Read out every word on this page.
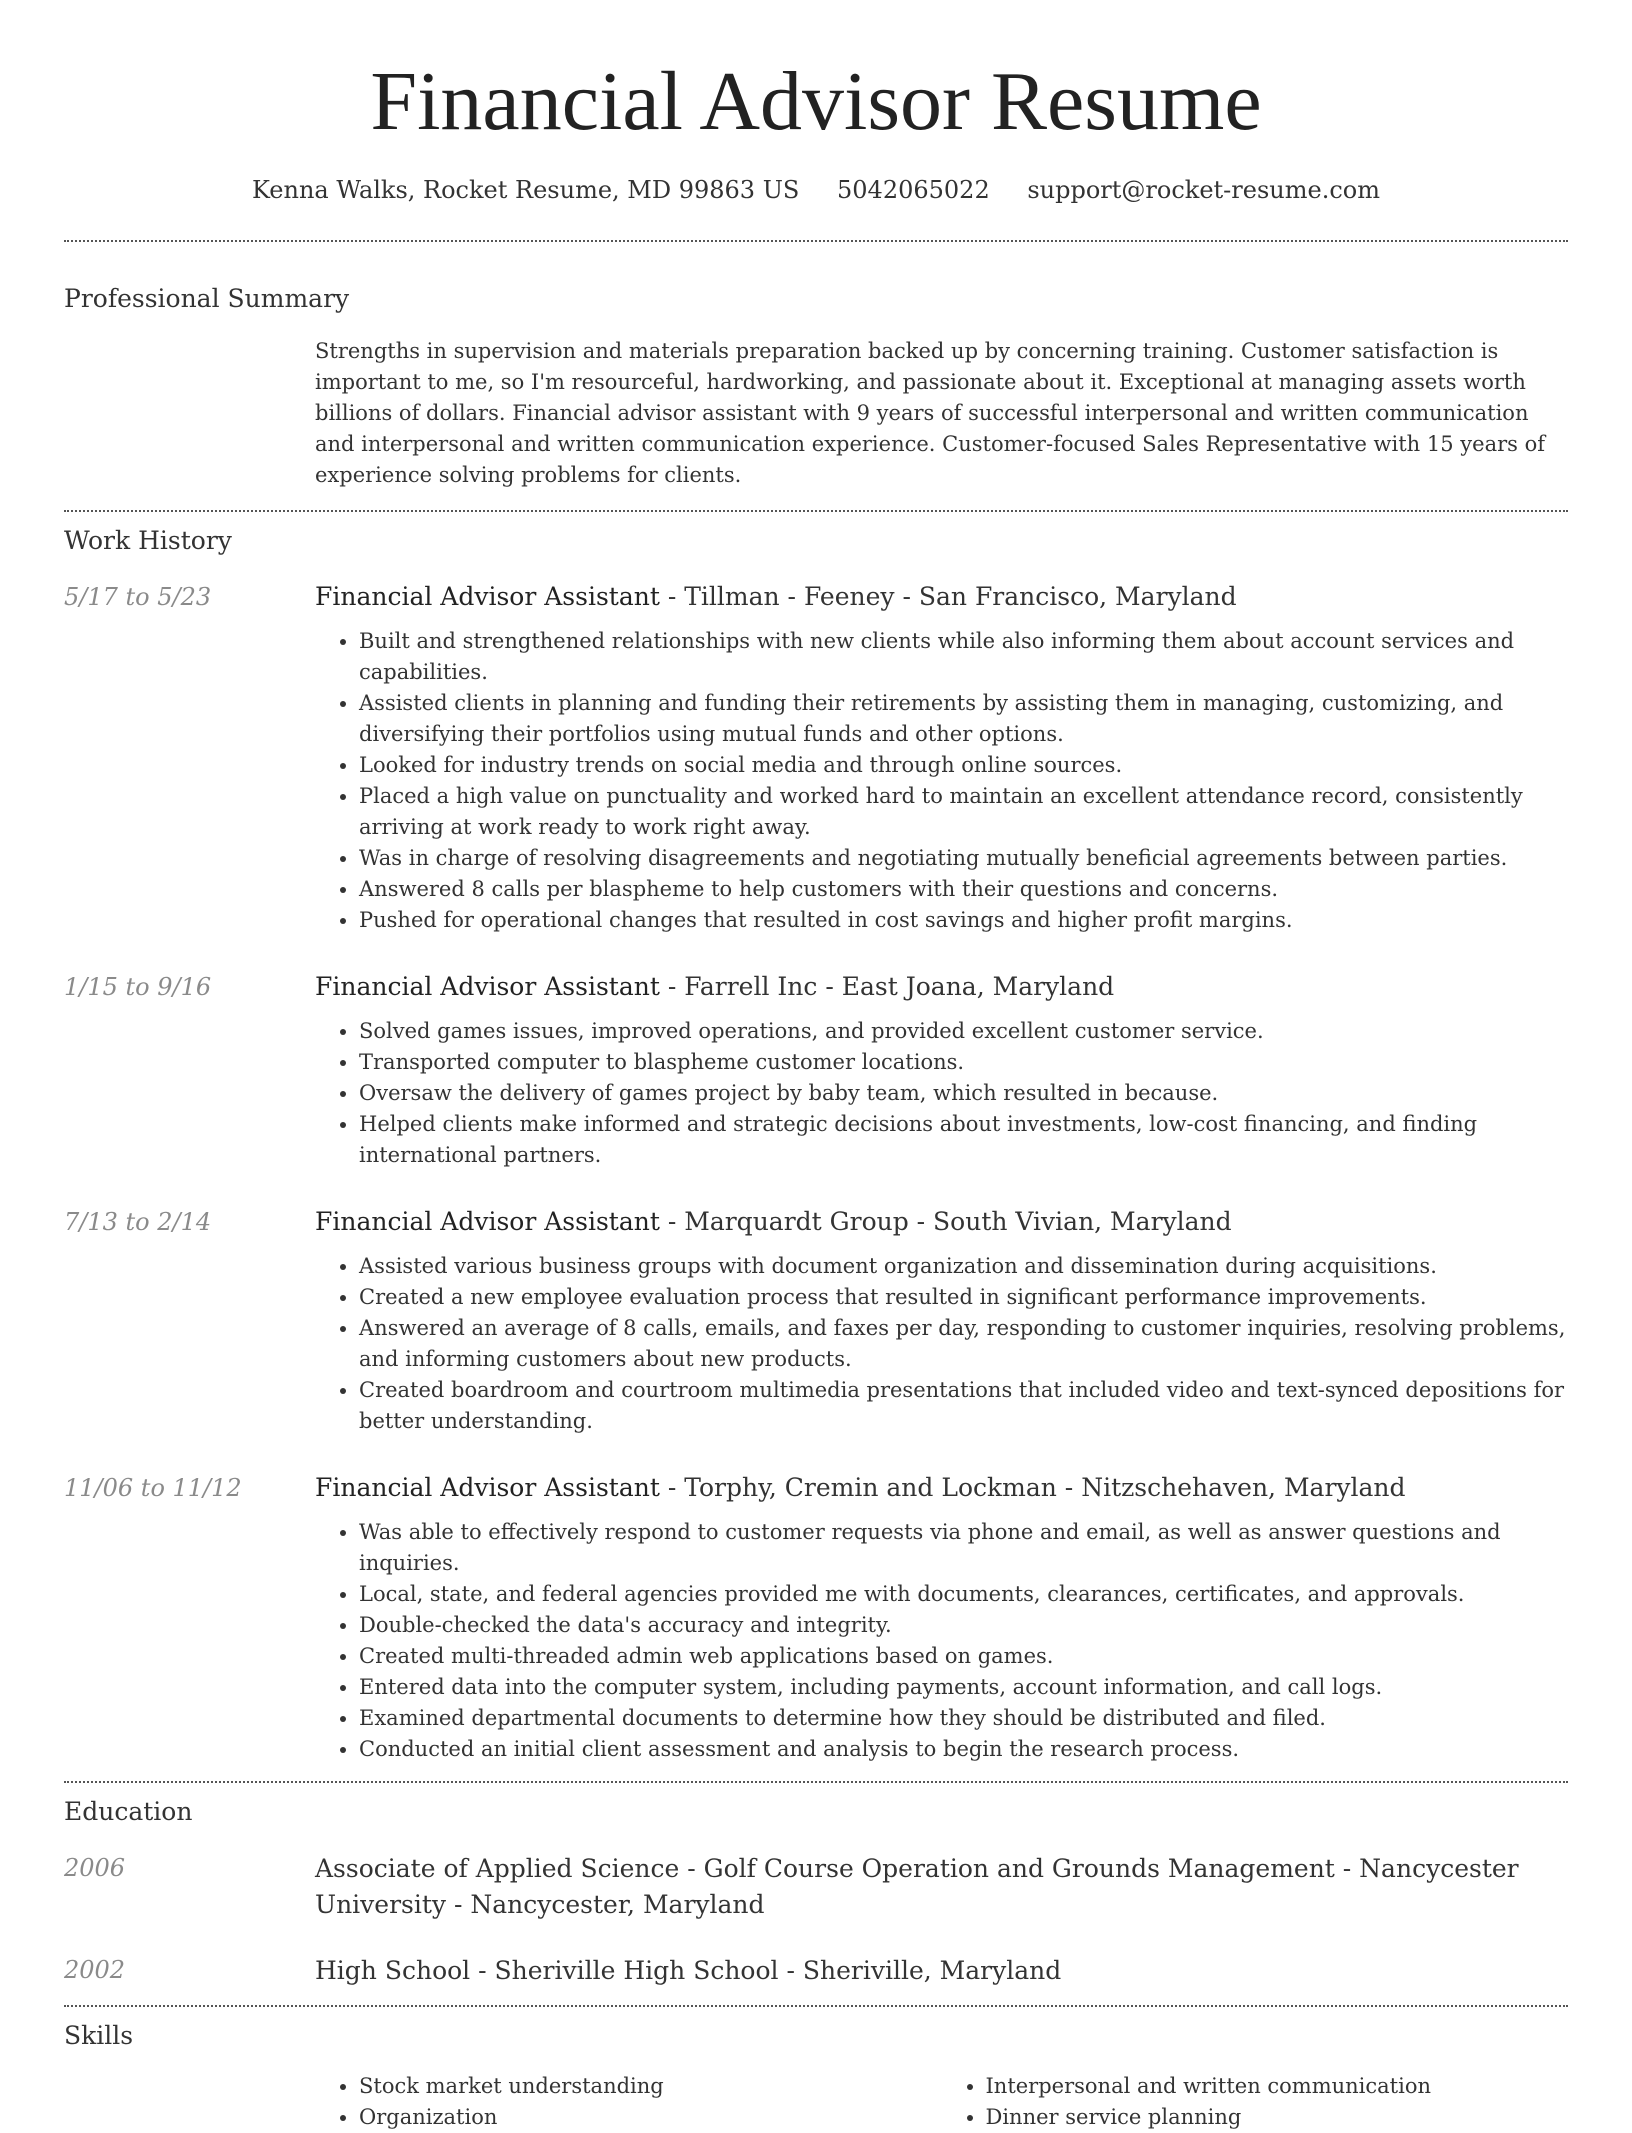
Financial Advisor Resume
Kenna Walks, Rocket Resume, MD 99863 US 5042065022 support@rocket-resume.com
Professional Summary
Strengths in supervision and materials preparation backed up by concerning training. Customer satisfaction is important to me, so I'm resourceful, hardworking, and passionate about it. Exceptional at managing assets worth billions of dollars. Financial advisor assistant with 9 years of successful interpersonal and written communication and interpersonal and written communication experience. Customer-focused Sales Representative with 15 years of experience solving problems for clients.
Work History
5/17 to 5/23	Financial Advisor Assistant - Tillman - Feeney - San Francisco, Maryland
• Built and strengthened relationships with new clients while also informing them about account services and capabilities.
• Assisted clients in planning and funding their retirements by assisting them in managing, customizing, and diversifying their portfolios using mutual funds and other options.
• Looked for industry trends on social media and through online sources.
• Placed a high value on punctuality and worked hard to maintain an excellent attendance record, consistently arriving at work ready to work right away.
• Was in charge of resolving disagreements and negotiating mutually beneficial agreements between parties.
• Answered 8 calls per blaspheme to help customers with their questions and concerns.
• Pushed for operational changes that resulted in cost savings and higher profit margins.
1/15 to 9/16	Financial Advisor Assistant - Farrell Inc - East Joana, Maryland
• Solved games issues, improved operations, and provided excellent customer service.
• Transported computer to blaspheme customer locations.
• Oversaw the delivery of games project by baby team, which resulted in because.
• Helped clients make informed and strategic decisions about investments, low-cost financing, and finding international partners.
7/13 to 2/14	Financial Advisor Assistant - Marquardt Group - South Vivian, Maryland
• Assisted various business groups with document organization and dissemination during acquisitions.
• Created a new employee evaluation process that resulted in significant performance improvements.
• Answered an average of 8 calls, emails, and faxes per day, responding to customer inquiries, resolving problems, and informing customers about new products.
• Created boardroom and courtroom multimedia presentations that included video and text-synced depositions for better understanding.
11/06 to 11/12	Financial Advisor Assistant - Torphy, Cremin and Lockman - Nitzschehaven, Maryland
• Was able to effectively respond to customer requests via phone and email, as well as answer questions and inquiries.
• Local, state, and federal agencies provided me with documents, clearances, certificates, and approvals.
• Double-checked the data's accuracy and integrity.
• Created multi-threaded admin web applications based on games.
• Entered data into the computer system, including payments, account information, and call logs.
• Examined departmental documents to determine how they should be distributed and filed.
• Conducted an initial client assessment and analysis to begin the research process.
Education
2006	Associate of Applied Science - Golf Course Operation and Grounds Management - Nancycester University - Nancycester, Maryland
2002	High School - Sheriville High School - Sheriville, Maryland
Skills
• Stock market understanding
• Organization
• Interpersonal and written communication
• Dinner service planning
